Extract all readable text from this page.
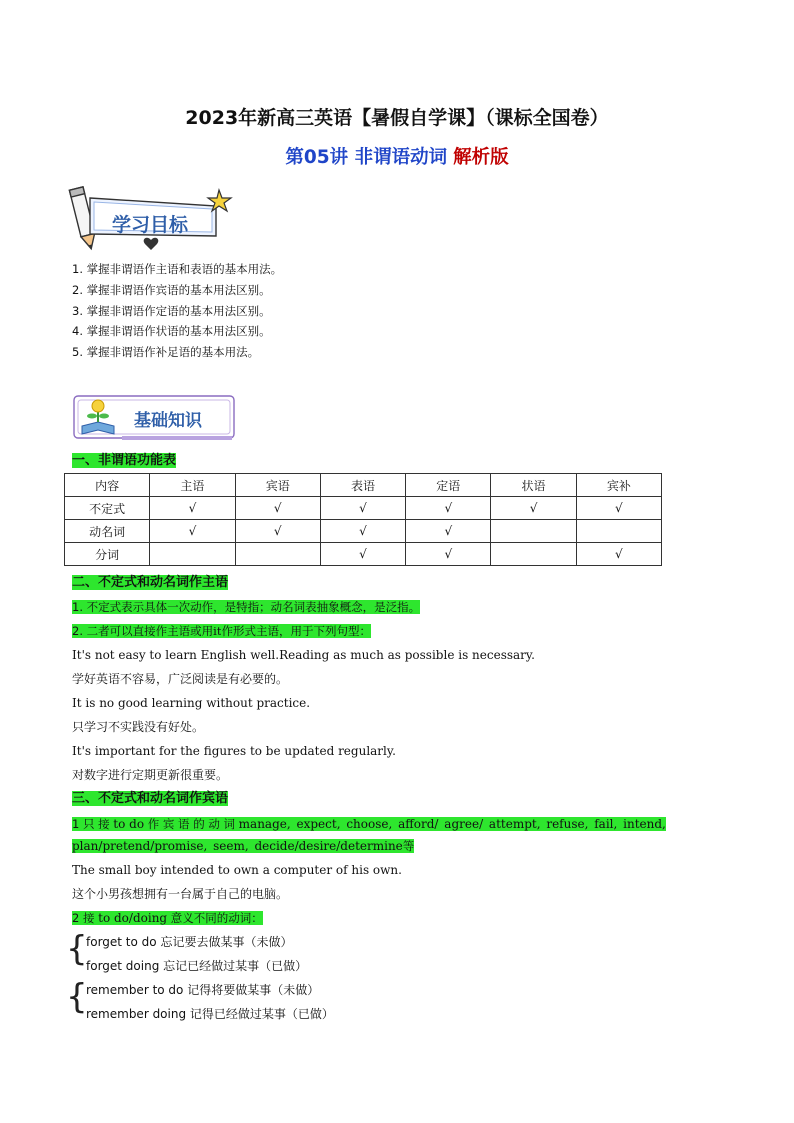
2023年新高三英语【暑假自学课】（课标全国卷）
第05讲 非谓语动词 解析版
学习目标
1. 掌握非谓语作主语和表语的基本用法。
2. 掌握非谓语作宾语的基本用法区别。
3. 掌握非谓语作定语的基本用法区别。
4. 掌握非谓语作状语的基本用法区别。
5. 掌握非谓语作补足语的基本用法。
基础知识
一、非谓语功能表
内容	主语	宾语	表语	定语	状语	宾补
不定式	√	√	√	√	√	√
动名词	√	√	√	√		
分词			√	√		√
二、不定式和动名词作主语
1. 不定式表示具体一次动作，是特指；动名词表抽象概念，是泛指。
2. 二者可以直接作主语或用it作形式主语，用于下列句型：
It's not easy to learn English well.Reading as much as possible is necessary.
学好英语不容易，广泛阅读是有必要的。
It is no good learning without practice.
只学习不实践没有好处。
It's important for the figures to be updated regularly.
对数字进行定期更新很重要。
三、不定式和动名词作宾语
1 只 接 to do 作 宾 语 的 动 词 manage, expect, choose, afford/ agree/ attempt, refuse, fail, intend, plan/pretend/promise, seem, decide/desire/determine等
The small boy intended to own a computer of his own.
这个小男孩想拥有一台属于自己的电脑。
2 接 to do/doing 意义不同的动词：
{
forget to do 忘记要去做某事（未做）
forget doing 忘记已经做过某事（已做）
{
remember to do 记得将要做某事（未做）
remember doing 记得已经做过某事（已做）
